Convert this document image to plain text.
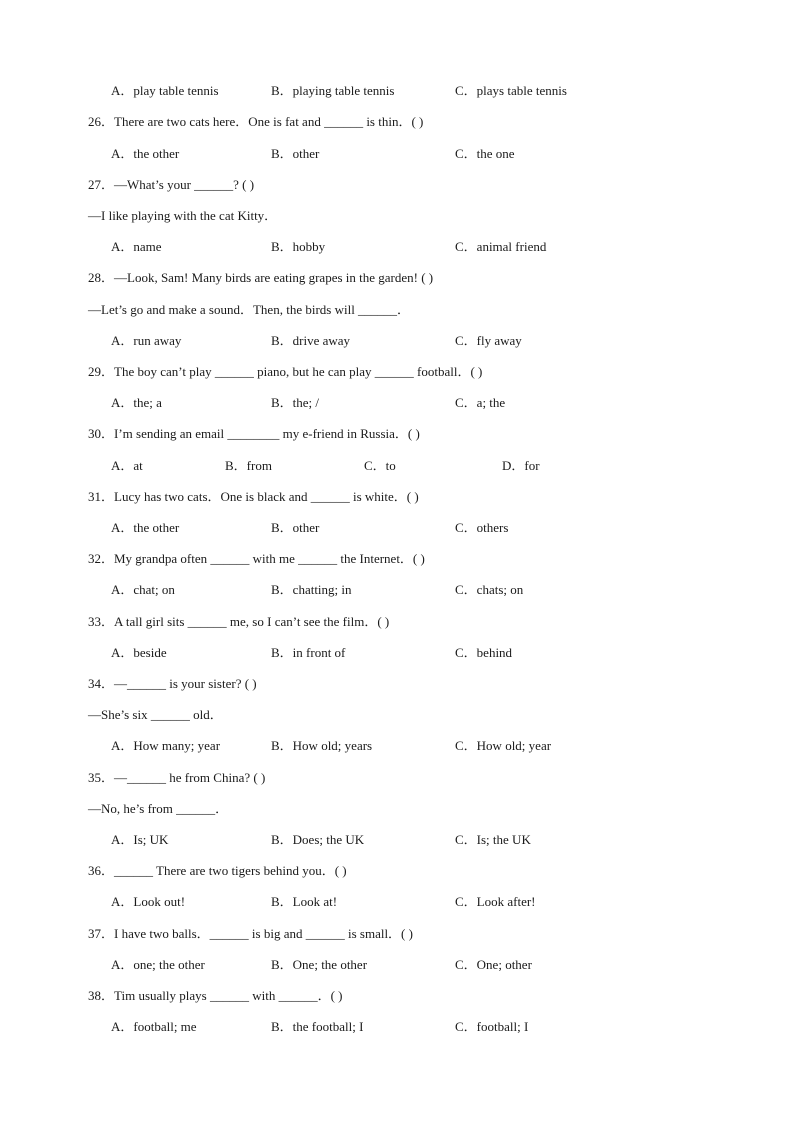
A．play table tennis	B．playing table tennis	C．plays table tennis
26．There are two cats here．One is fat and ______ is thin．( )
A．the other	B．other	C．the one
27．—What’s your ______? ( )
—I like playing with the cat Kitty．
A．name	B．hobby	C．animal friend
28．—Look, Sam! Many birds are eating grapes in the garden! ( )
—Let’s go and make a sound．Then, the birds will ______．
A．run away	B．drive away	C．fly away
29．The boy can’t play ______ piano, but he can play ______ football．( )
A．the; a	B．the; /	C．a; the
30．I’m sending an email ________ my e-friend in Russia．( )
A．at	B．from	C．to	D．for
31．Lucy has two cats．One is black and ______ is white．( )
A．the other	B．other	C．others
32．My grandpa often ______ with me ______ the Internet．( )
A．chat; on	B．chatting; in	C．chats; on
33．A tall girl sits ______ me, so I can’t see the film．( )
A．beside	B．in front of	C．behind
34．—______ is your sister? ( )
—She’s six ______ old．
A．How many; year	B．How old; years	C．How old; year
35．—______ he from China? ( )
—No, he’s from ______．
A．Is; UK	B．Does; the UK	C．Is; the UK
36．______ There are two tigers behind you．( )
A．Look out!	B．Look at!	C．Look after!
37．I have two balls．______ is big and ______ is small．( )
A．one; the other	B．One; the other	C．One; other
38．Tim usually plays ______ with ______．( )
A．football; me	B．the football; I	C．football; I
